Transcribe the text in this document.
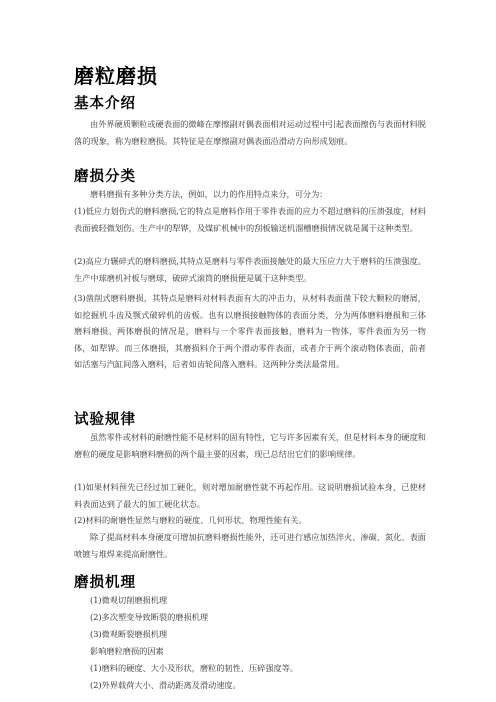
磨粒磨损
基本介绍
由外界硬质颗粒或硬表面的微峰在摩擦副对偶表面相对运动过程中引起表面擦伤与表面材料脱落的现象，称为磨粒磨损。其特征是在摩擦副对偶表面沿滑动方向形成划痕。
磨损分类
磨料磨损有多种分类方法，例如，以力的作用特点来分，可分为：
(1)低应力划伤式的磨料磨损,它的特点是磨料作用于零件表面的应力不超过磨料的压溃强度，材料表面被轻微划伤。生产中的犁铧，及煤矿机械中的刮板输送机溜槽磨损情况就是属于这种类型。
(2)高应力辗碎式的磨料磨损,其特点是磨料与零件表面接触处的最大压应力大于磨料的压溃强度。生产中球磨机衬板与磨球，破碎式滚筒的磨损便是属于这种类型。
(3)凿削式磨料磨损，其特点是磨料对材料表面有大的冲击力，从材料表面凿下较大颗粒的磨屑，如挖掘机斗齿及颚式破碎机的齿板。也有以磨损接触物体的表面分类，分为两体磨料磨损和三体磨料磨损。两体磨损的情况是，磨料与一个零件表面接触，磨料为一物体，零件表面为另一物体，如犁铧。而三体磨损，其磨损料介于两个滑动零件表面，或者介于两个滚动物体表面，前者如活塞与汽缸间落入磨料，后者如齿轮间落入磨料。这两种分类法最常用。
试验规律
虽然零件或材料的耐磨性能不是材料的固有特性，它与许多因素有关，但是材料本身的硬度和磨粒的硬度是影响磨料磨损的两个最主要的因素，现已总结出它们的影响规律。
(1)如果材料预先已经过加工硬化，则对增加耐磨性就不再起作用。这说明磨损试验本身，已使材料表面达到了最大的加工硬化状态。
(2)材料的耐磨性显然与磨粒的硬度、几何形状、物理性能有关。
除了提高材料本身硬度可增加抗磨料磨损性能外，还可进行感应加热淬火、渗碳、氮化、表面喷镀与堆焊来提高耐磨性。
磨损机理
(1)微观切削磨损机理
(2)多次塑变导致断裂的磨损机理
(3)微观断裂磨损机理
影响磨粒磨损的因素
(1)磨料的硬度、大小及形状，磨粒的韧性、压碎强度等。
(2)外界载荷大小、滑动距离及滑动速度。
